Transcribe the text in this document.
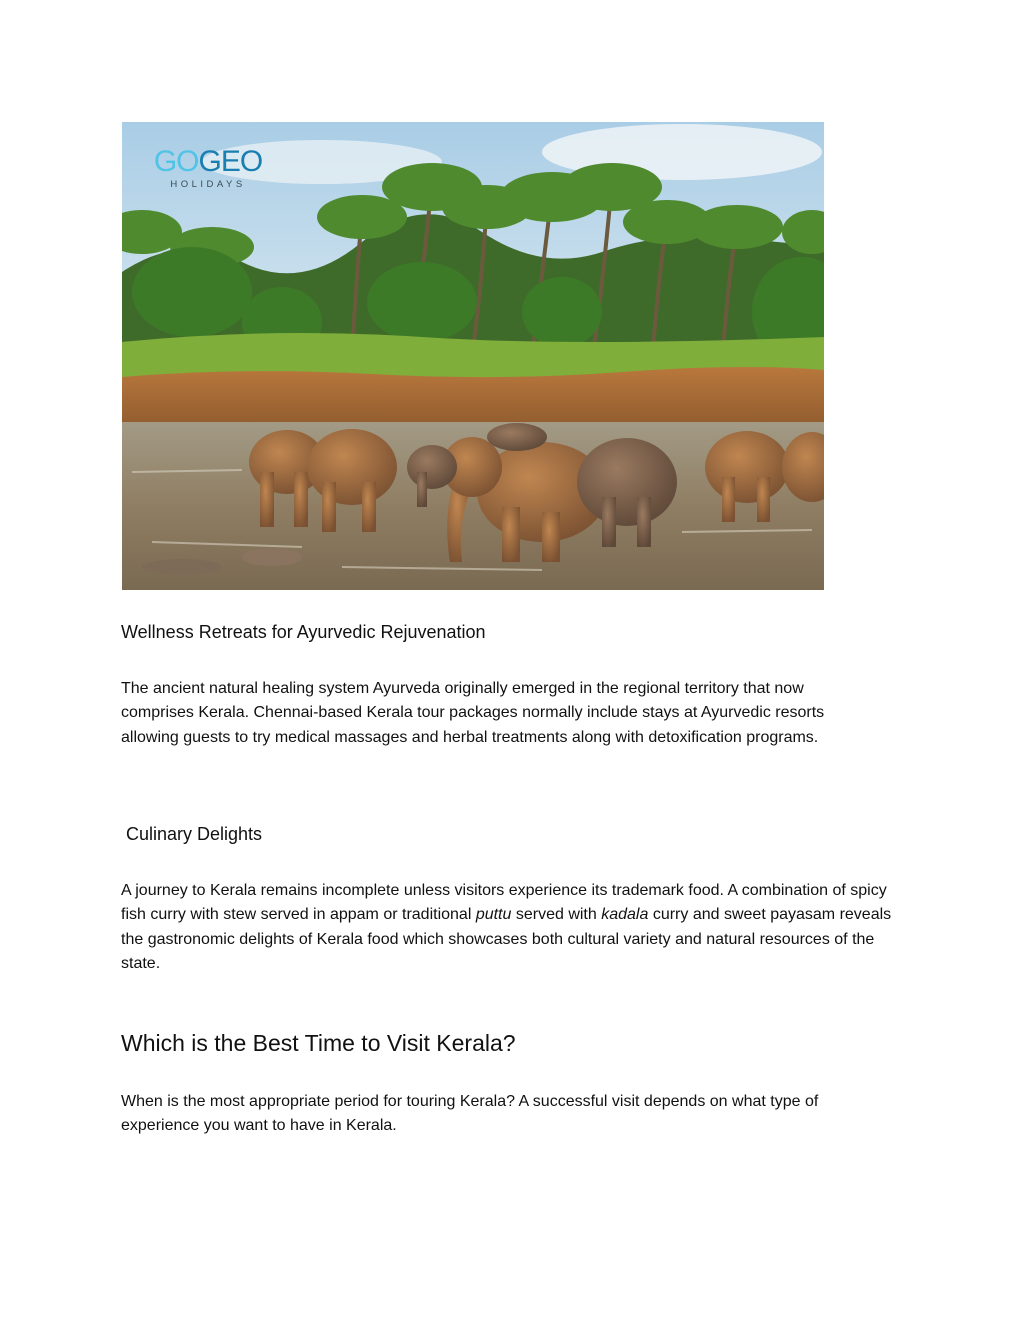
GOGEO
HOLIDAYS
Wellness Retreats for Ayurvedic Rejuvenation
The ancient natural healing system Ayurveda originally emerged in the regional territory that now comprises Kerala. Chennai-based Kerala tour packages normally include stays at Ayurvedic resorts allowing guests to try medical massages and herbal treatments along with detoxification programs.
Culinary Delights
A journey to Kerala remains incomplete unless visitors experience its trademark food. A combination of spicy fish curry with stew served in appam or traditional puttu served with kadala curry and sweet payasam reveals the gastronomic delights of Kerala food which showcases both cultural variety and natural resources of the state.
Which is the Best Time to Visit Kerala?
When is the most appropriate period for touring Kerala? A successful visit depends on what type of experience you want to have in Kerala.
